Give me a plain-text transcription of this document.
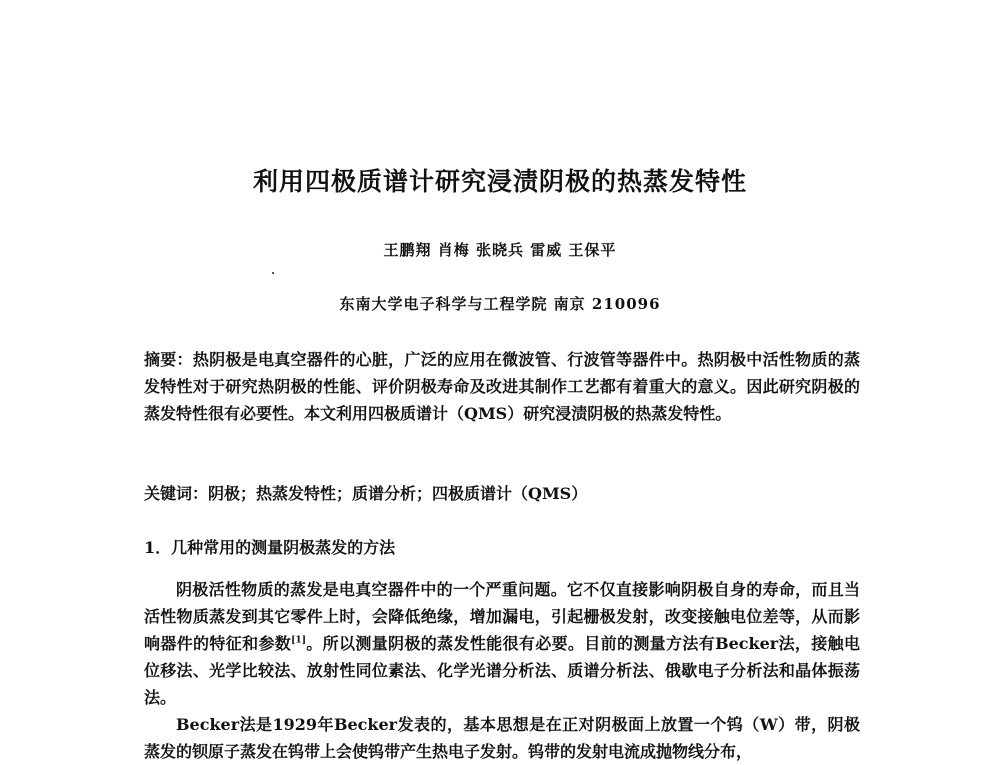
利用四极质谱计研究浸渍阴极的热蒸发特性
王鹏翔 肖梅 张晓兵 雷威 王保平
东南大学电子科学与工程学院 南京 210096
摘要：热阴极是电真空器件的心脏，广泛的应用在微波管、行波管等器件中。热阴极中活性物质的蒸发特性对于研究热阴极的性能、评价阴极寿命及改进其制作工艺都有着重大的意义。因此研究阴极的蒸发特性很有必要性。本文利用四极质谱计（QMS）研究浸渍阴极的热蒸发特性。
关键词：阴极；热蒸发特性；质谱分析；四极质谱计（QMS）
1．几种常用的测量阴极蒸发的方法

阴极活性物质的蒸发是电真空器件中的一个严重问题。它不仅直接影响阴极自身的寿命，而且当活性物质蒸发到其它零件上时，会降低绝缘，增加漏电，引起栅极发射，改变接触电位差等，从而影响器件的特征和参数[1]。所以测量阴极的蒸发性能很有必要。目前的测量方法有Becker法，接触电位移法、光学比较法、放射性同位素法、化学光谱分析法、质谱分析法、俄歇电子分析法和晶体振荡法。

Becker法是1929年Becker发表的，基本思想是在正对阴极面上放置一个钨（W）带，阴极蒸发的钡原子蒸发在钨带上会使钨带产生热电子发射。钨带的发射电流成抛物线分布，
